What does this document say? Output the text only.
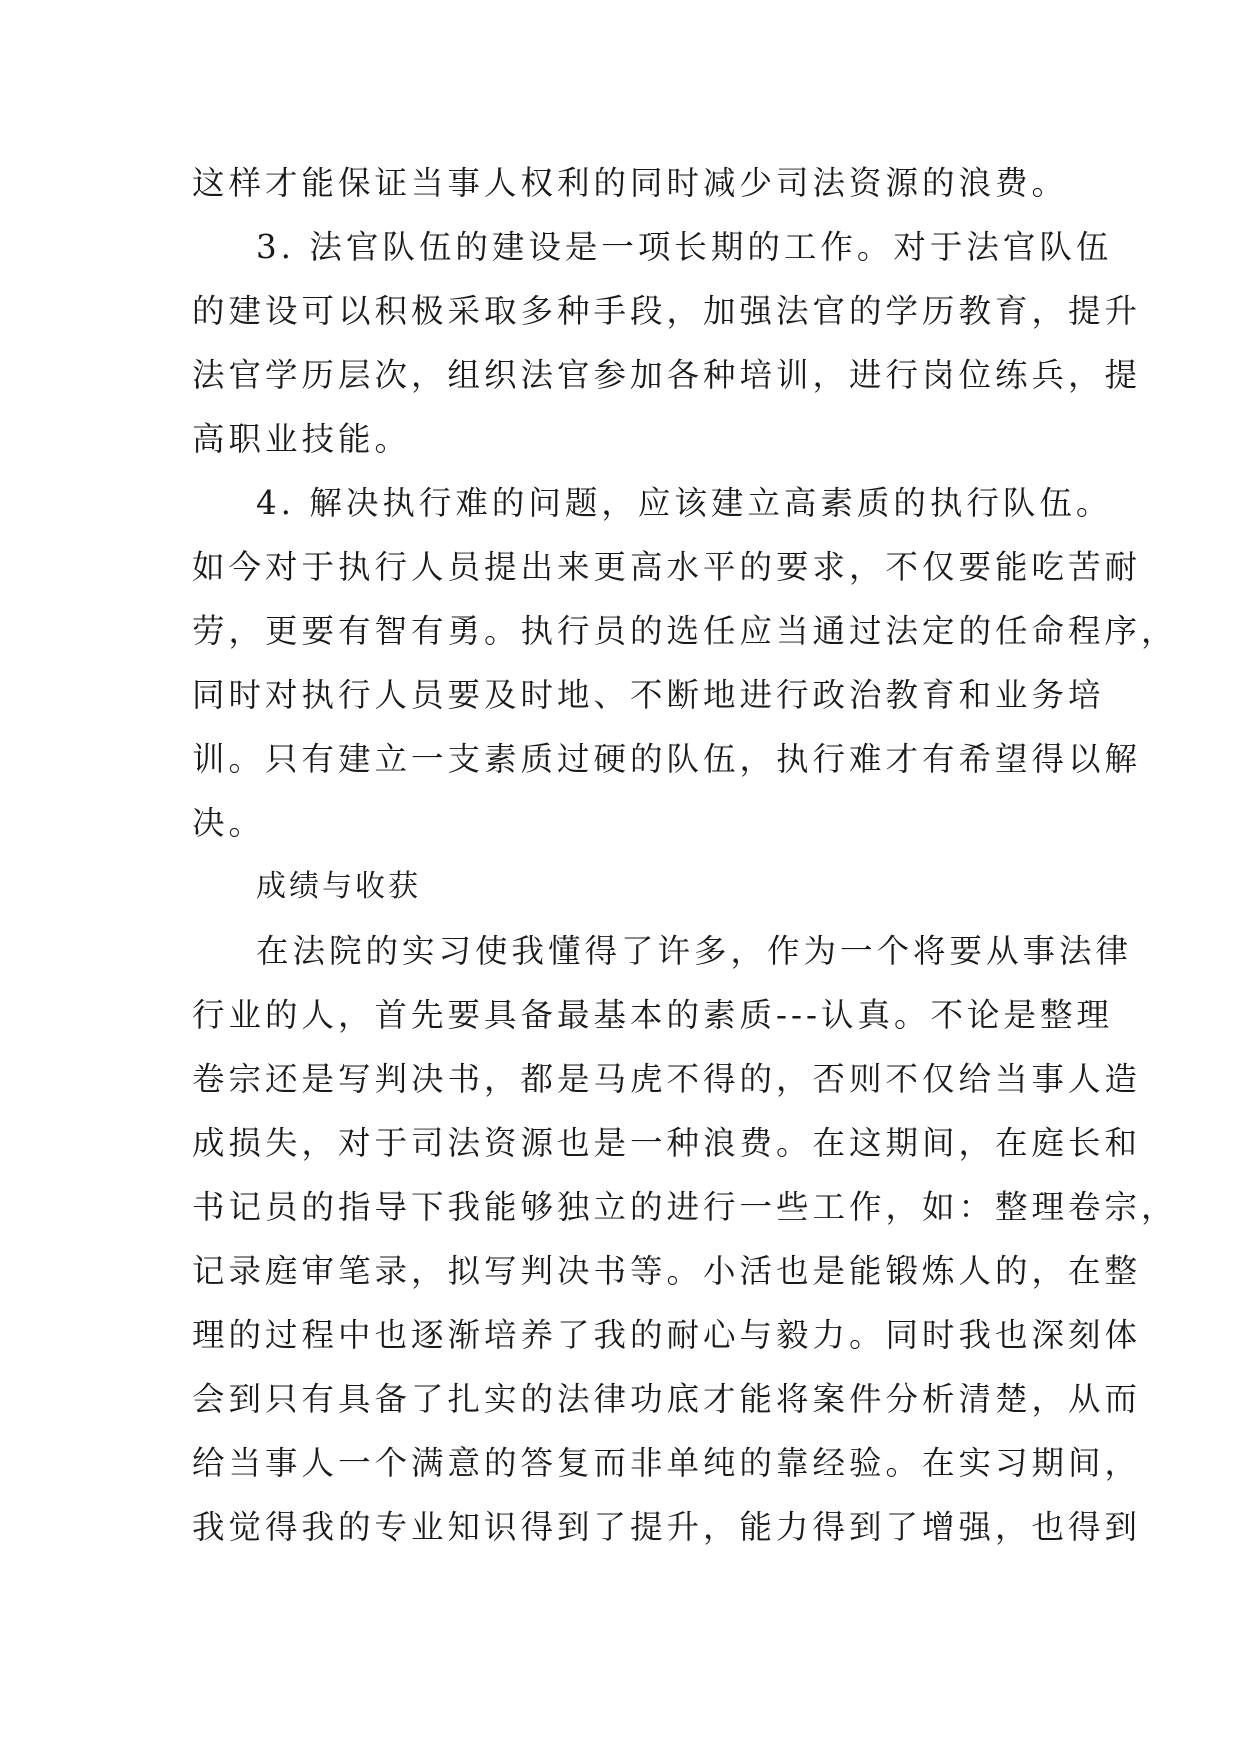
这样才能保证当事人权利的同时减少司法资源的浪费。
3. 法官队伍的建设是一项长期的工作。对于法官队伍
的建设可以积极采取多种手段，加强法官的学历教育，提升
法官学历层次，组织法官参加各种培训，进行岗位练兵，提
高职业技能。
4. 解决执行难的问题，应该建立高素质的执行队伍。
如今对于执行人员提出来更高水平的要求，不仅要能吃苦耐
劳，更要有智有勇。执行员的选任应当通过法定的任命程序，
同时对执行人员要及时地、不断地进行政治教育和业务培
训。只有建立一支素质过硬的队伍，执行难才有希望得以解
决。
成绩与收获
在法院的实习使我懂得了许多，作为一个将要从事法律
行业的人，首先要具备最基本的素质---认真。不论是整理
卷宗还是写判决书，都是马虎不得的，否则不仅给当事人造
成损失，对于司法资源也是一种浪费。在这期间，在庭长和
书记员的指导下我能够独立的进行一些工作，如：整理卷宗，
记录庭审笔录，拟写判决书等。小活也是能锻炼人的，在整
理的过程中也逐渐培养了我的耐心与毅力。同时我也深刻体
会到只有具备了扎实的法律功底才能将案件分析清楚，从而
给当事人一个满意的答复而非单纯的靠经验。在实习期间，
我觉得我的专业知识得到了提升，能力得到了增强，也得到
